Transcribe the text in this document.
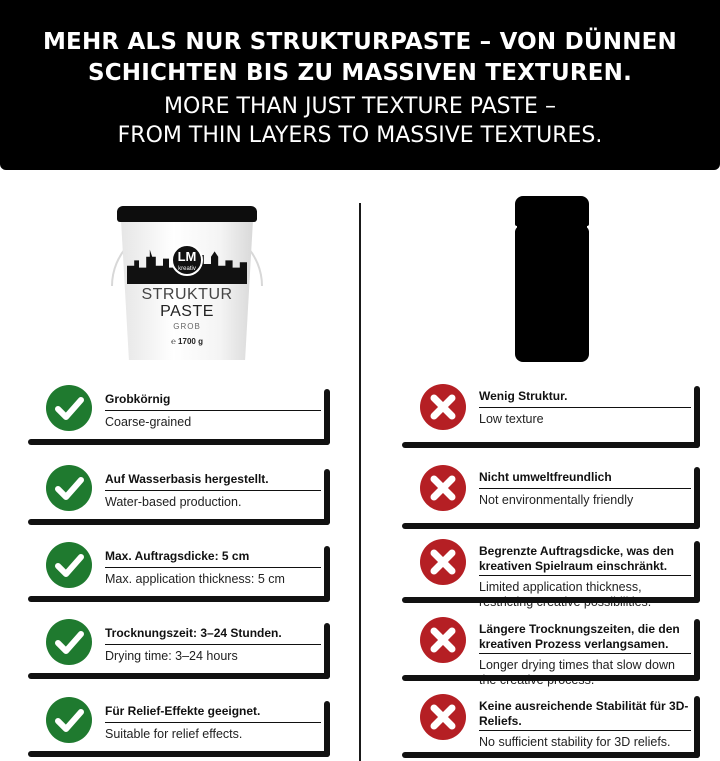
MEHR ALS NUR STRUKTURPASTE – VON DÜNNEN
SCHICHTEN BIS ZU MASSIVEN TEXTUREN.
MORE THAN JUST TEXTURE PASTE –
FROM THIN LAYERS TO MASSIVE TEXTURES.
LM
kreativ
STRUKTUR
PASTE
GROB
℮ 1700 g
Grobkörnig
Coarse-grained
Auf Wasserbasis hergestellt.
Water-based production.
Max. Auftragsdicke: 5 cm
Max. application thickness: 5 cm
Trocknungszeit: 3–24 Stunden.
Drying time: 3–24 hours
Für Relief-Effekte geeignet.
Suitable for relief effects.
Wenig Struktur.
Low texture
Nicht umweltfreundlich
Not environmentally friendly
Begrenzte Auftragsdicke, was den kreativen Spielraum einschränkt.
Limited application thickness,
Längere Trocknungszeiten, die den kreativen Prozess verlangsamen.
Longer drying times that slow down
Keine ausreichende Stabilität für 3D-Reliefs.
No sufficient stability for 3D reliefs.
